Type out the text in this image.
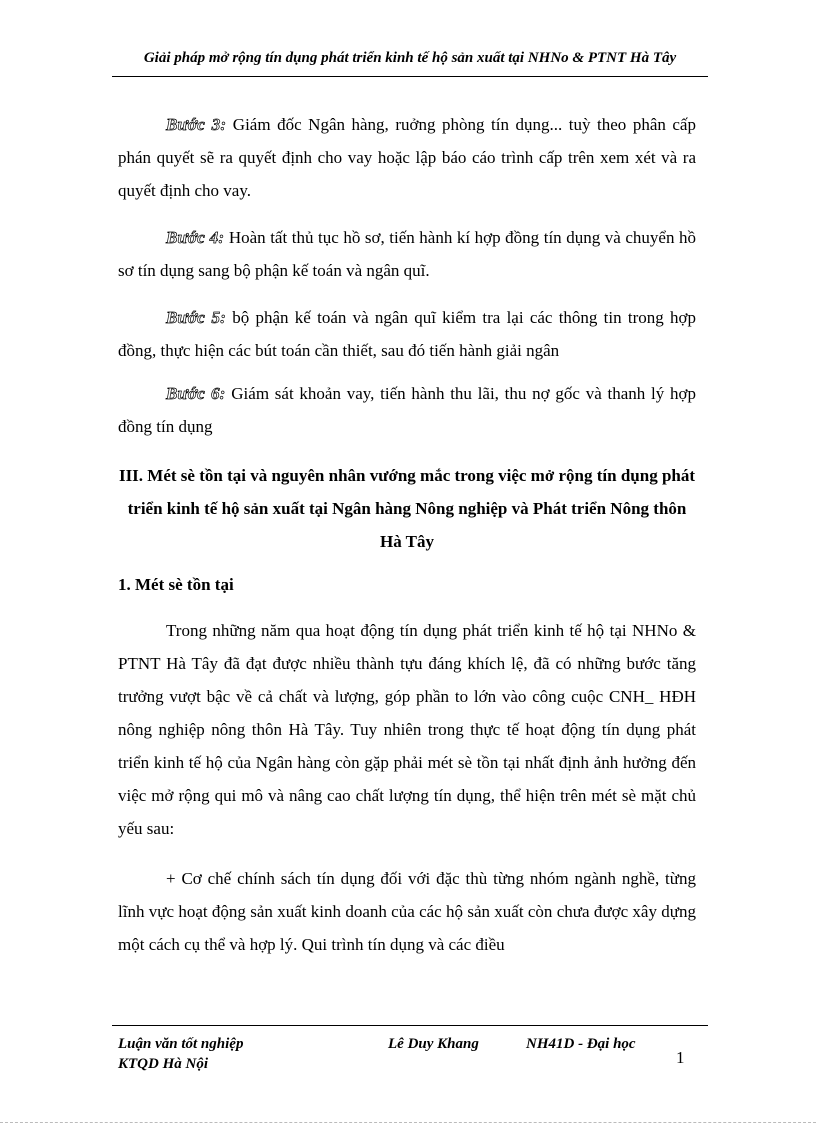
Giải pháp mở rộng tín dụng phát triển kinh tế hộ sản xuất tại NHNo & PTNT Hà Tây

Bước 3: Giám đốc Ngân hàng, ruởng phòng tín dụng... tuỳ theo phân cấp phán quyết sẽ ra quyết định cho vay hoặc lập báo cáo trình cấp trên xem xét và ra quyết định cho vay.

Bước 4: Hoàn tất thủ tục hồ sơ, tiến hành kí hợp đồng tín dụng và chuyển hồ sơ tín dụng sang bộ phận kế toán và ngân quĩ.

Bước 5: bộ phận kế toán và ngân quĩ kiểm tra lại các thông tin trong hợp đồng, thực hiện các bút toán cần thiết, sau đó tiến hành giải ngân

Bước 6: Giám sát khoản vay, tiến hành thu lãi, thu nợ gốc và thanh lý hợp đồng tín dụng

III. Mét sè tồn tại và nguyên nhân vướng mắc trong việc mở rộng tín dụng phát triển kinh tế hộ sản xuất tại Ngân hàng Nông nghiệp và Phát triển Nông thôn Hà Tây
1. Mét sè tồn tại

Trong những năm qua hoạt động tín dụng phát triển kinh tế hộ tại NHNo & PTNT Hà Tây đã đạt được nhiều thành tựu đáng khích lệ, đã có những bước tăng trưởng vượt bậc về cả chất và lượng, góp phần to lớn vào công cuộc CNH_ HĐH nông nghiệp nông thôn Hà Tây. Tuy nhiên trong thực tế hoạt động tín dụng phát triển kinh tế hộ của Ngân hàng còn gặp phải mét sè tồn tại nhất định ảnh hưởng đến việc mở rộng qui mô và nâng cao chất lượng tín dụng, thể hiện trên mét sè mặt chủ yếu sau:

+ Cơ chế chính sách tín dụng đối với đặc thù từng nhóm ngành nghề, từng lĩnh vực hoạt động sản xuất kinh doanh của các hộ sản xuất còn chưa được xây dựng một cách cụ thể và hợp lý. Qui trình tín dụng và các điều

Luận văn tốt nghiệp
KTQD Hà Nội
Lê Duy Khang	NH41D - Đại học
1
